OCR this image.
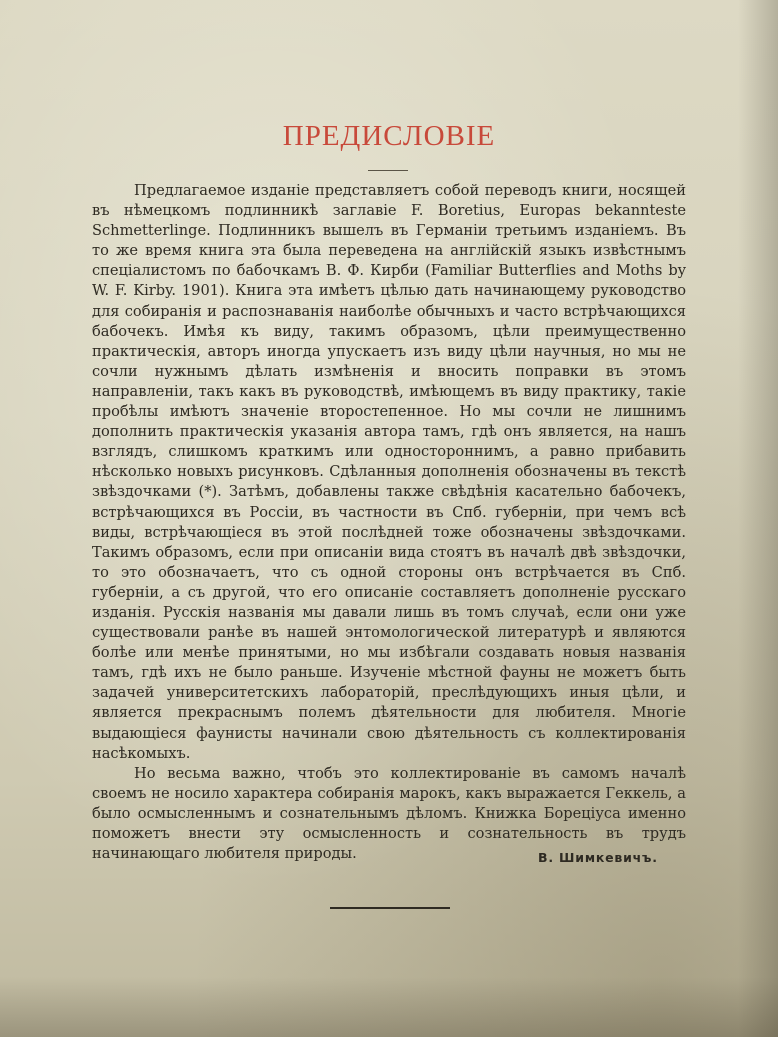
ПРЕДИСЛОВІЕ

Предлагаемое изданіе представляетъ собой переводъ книги, носящей въ нѣмецкомъ подлинникѣ заглавіе F. Boretius, Europas bekannteste Schmetterlinge. Подлинникъ вышелъ въ Германіи третьимъ изданіемъ. Въ то же время книга эта была переведена на англійскій языкъ извѣстнымъ спеціалистомъ по бабочкамъ В. Ф. Кирби (Familiar Butterflies and Moths by W. F. Kirby. 1901). Книга эта имѣетъ цѣлью дать начинающему руководство для собиранія и распознаванія наиболѣе обычныхъ и часто встрѣчающихся бабочекъ. Имѣя къ виду, такимъ образомъ, цѣли преимущественно практическія, авторъ иногда упускаетъ изъ виду цѣли научныя, но мы не сочли нужнымъ дѣлать измѣненія и вносить поправки въ этомъ направленіи, такъ какъ въ руководствѣ, имѣющемъ въ виду практику, такіе пробѣлы имѣютъ значеніе второстепенное. Но мы сочли не лишнимъ дополнить практическія указанія автора тамъ, гдѣ онъ является, на нашъ взглядъ, слишкомъ краткимъ или одностороннимъ, а равно прибавить нѣсколько новыхъ рисунковъ. Сдѣланныя дополненія обозначены въ текстѣ звѣздочками (*). Затѣмъ, добавлены также свѣдѣнія касательно бабочекъ, встрѣчающихся въ Россіи, въ частности въ Спб. губерніи, при чемъ всѣ виды, встрѣчающіеся въ этой послѣдней тоже обозначены звѣздочками. Такимъ образомъ, если при описаніи вида стоятъ въ началѣ двѣ звѣздочки, то это обозначаетъ, что съ одной стороны онъ встрѣчается въ Спб. губерніи, а съ другой, что его описаніе составляетъ дополненіе русскаго изданія. Русскія названія мы давали лишь въ томъ случаѣ, если они уже существовали ранѣе въ нашей энтомологической литературѣ и являются болѣе или менѣе принятыми, но мы избѣгали создавать новыя названія тамъ, гдѣ ихъ не было раньше. Изученіе мѣстной фауны не можетъ быть задачей университетскихъ лабораторій, преслѣдующихъ иныя цѣли, и является прекраснымъ полемъ дѣятельности для любителя. Многіе выдающіеся фаунисты начинали свою дѣятельность съ коллектированія насѣкомыхъ.

Но весьма важно, чтобъ это коллектированіе въ самомъ началѣ своемъ не носило характера собиранія марокъ, какъ выражается Геккель, а было осмысленнымъ и сознательнымъ дѣломъ. Книжка Борецiуса именно поможетъ внести эту осмысленность и сознательность въ трудъ начинающаго любителя природы.	В. Шимкевичъ.
